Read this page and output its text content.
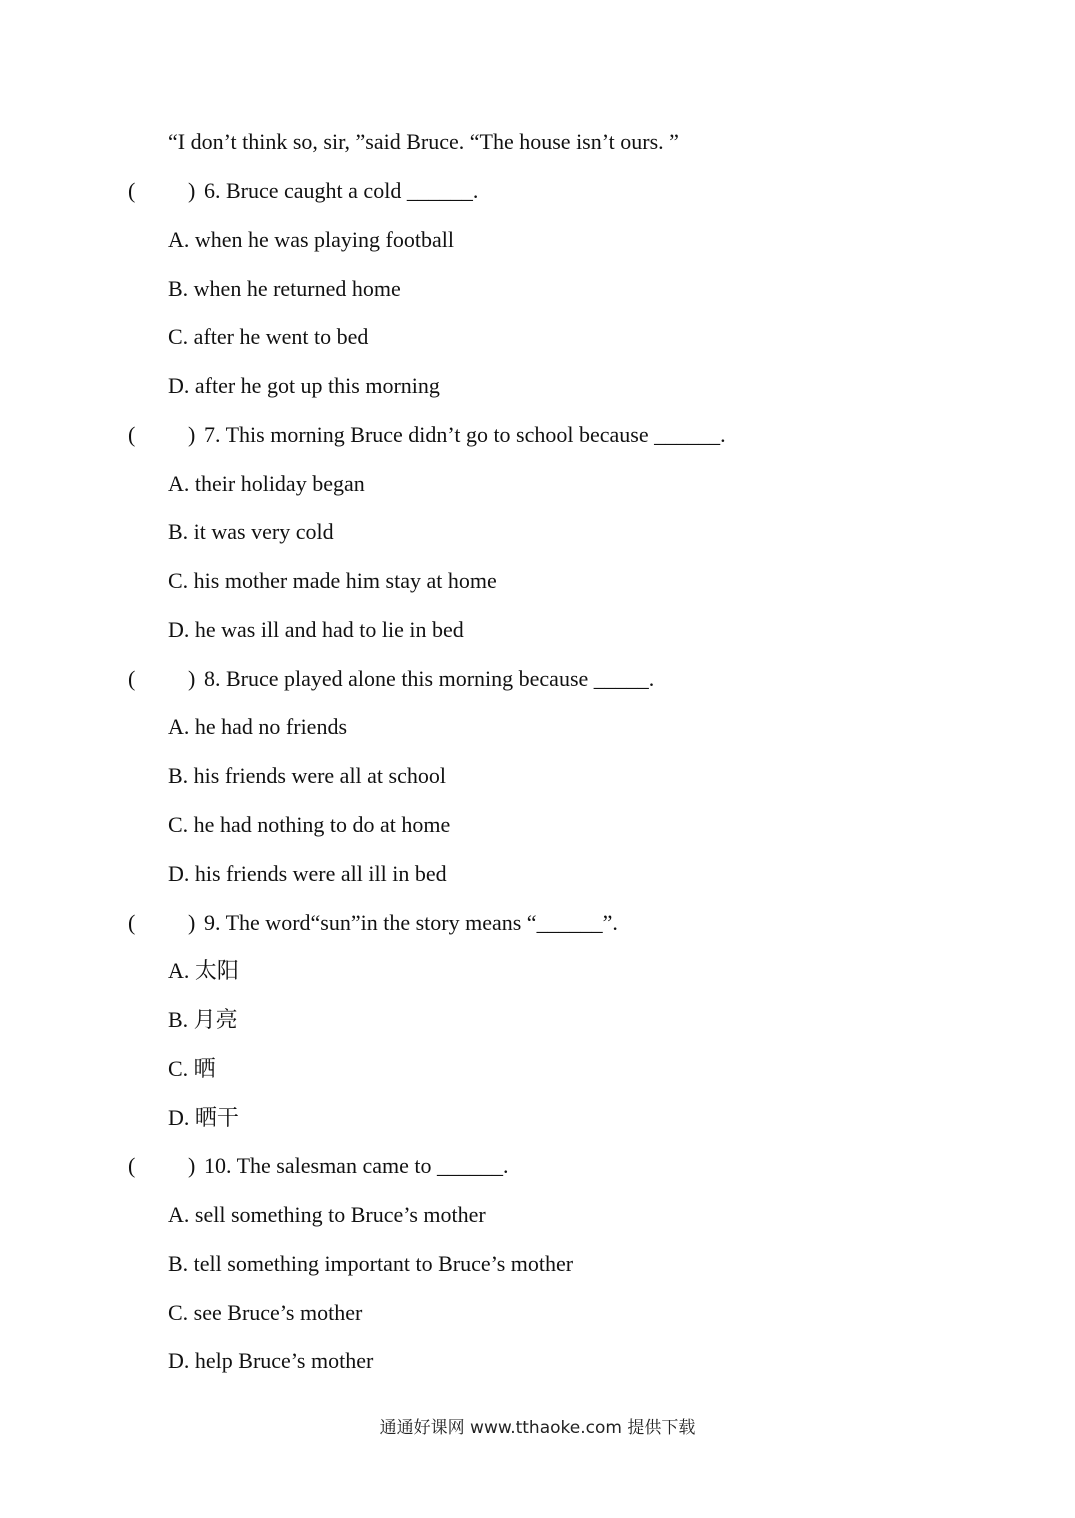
“I don’t think so, sir, ”said Bruce. “The house isn’t ours. ”
( ) 6. Bruce caught a cold ______.
A. when he was playing football
B. when he returned home
C. after he went to bed
D. after he got up this morning
( ) 7. This morning Bruce didn’t go to school because ______.
A. their holiday began
B. it was very cold
C. his mother made him stay at home
D. he was ill and had to lie in bed
( ) 8. Bruce played alone this morning because _____.
A. he had no friends
B. his friends were all at school
C. he had nothing to do at home
D. his friends were all ill in bed
( ) 9. The word“sun”in the story means “______”.
A. 太阳
B. 月亮
C. 晒
D. 晒干
( ) 10. The salesman came to ______.
A. sell something to Bruce’s mother
B. tell something important to Bruce’s mother
C. see Bruce’s mother
D. help Bruce’s mother
通通好课网 www.tthaoke.com 提供下载
